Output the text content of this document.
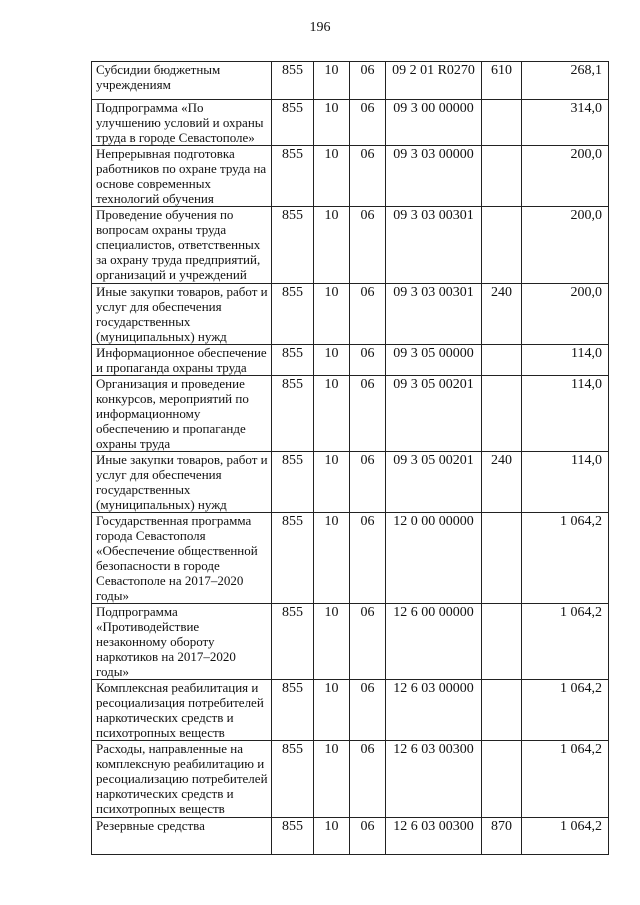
196
Субсидии бюджетным учреждениям	855	10	06	09 2 01 R0270	610	268,1
Подпрограмма «По улучшению условий и охраны труда в городе Севастополе»	855	10	06	09 3 00 00000		314,0
Непрерывная подготовка работников по охране труда на основе современных технологий обучения	855	10	06	09 3 03 00000		200,0
Проведение обучения по вопросам охраны труда специалистов, ответственных за охрану труда предприятий, организаций и учреждений	855	10	06	09 3 03 00301		200,0
Иные закупки товаров, работ и услуг для обеспечения государственных (муниципальных) нужд	855	10	06	09 3 03 00301	240	200,0
Информационное обеспечение и пропаганда охраны труда	855	10	06	09 3 05 00000		114,0
Организация и проведение конкурсов, мероприятий по информационному обеспечению и пропаганде охраны труда	855	10	06	09 3 05 00201		114,0
Иные закупки товаров, работ и услуг для обеспечения государственных (муниципальных) нужд	855	10	06	09 3 05 00201	240	114,0
Государственная программа города Севастополя «Обеспечение общественной безопасности в городе Севастополе на 2017–2020 годы»	855	10	06	12 0 00 00000		1 064,2
Подпрограмма «Противодействие незаконному обороту наркотиков на 2017–2020 годы»	855	10	06	12 6 00 00000		1 064,2
Комплексная реабилитация и ресоциализация потребителей наркотических средств и психотропных веществ	855	10	06	12 6 03 00000		1 064,2
Расходы, направленные на комплексную реабилитацию и ресоциализацию потребителей наркотических средств и психотропных веществ	855	10	06	12 6 03 00300		1 064,2
Резервные средства	855	10	06	12 6 03 00300	870	1 064,2
